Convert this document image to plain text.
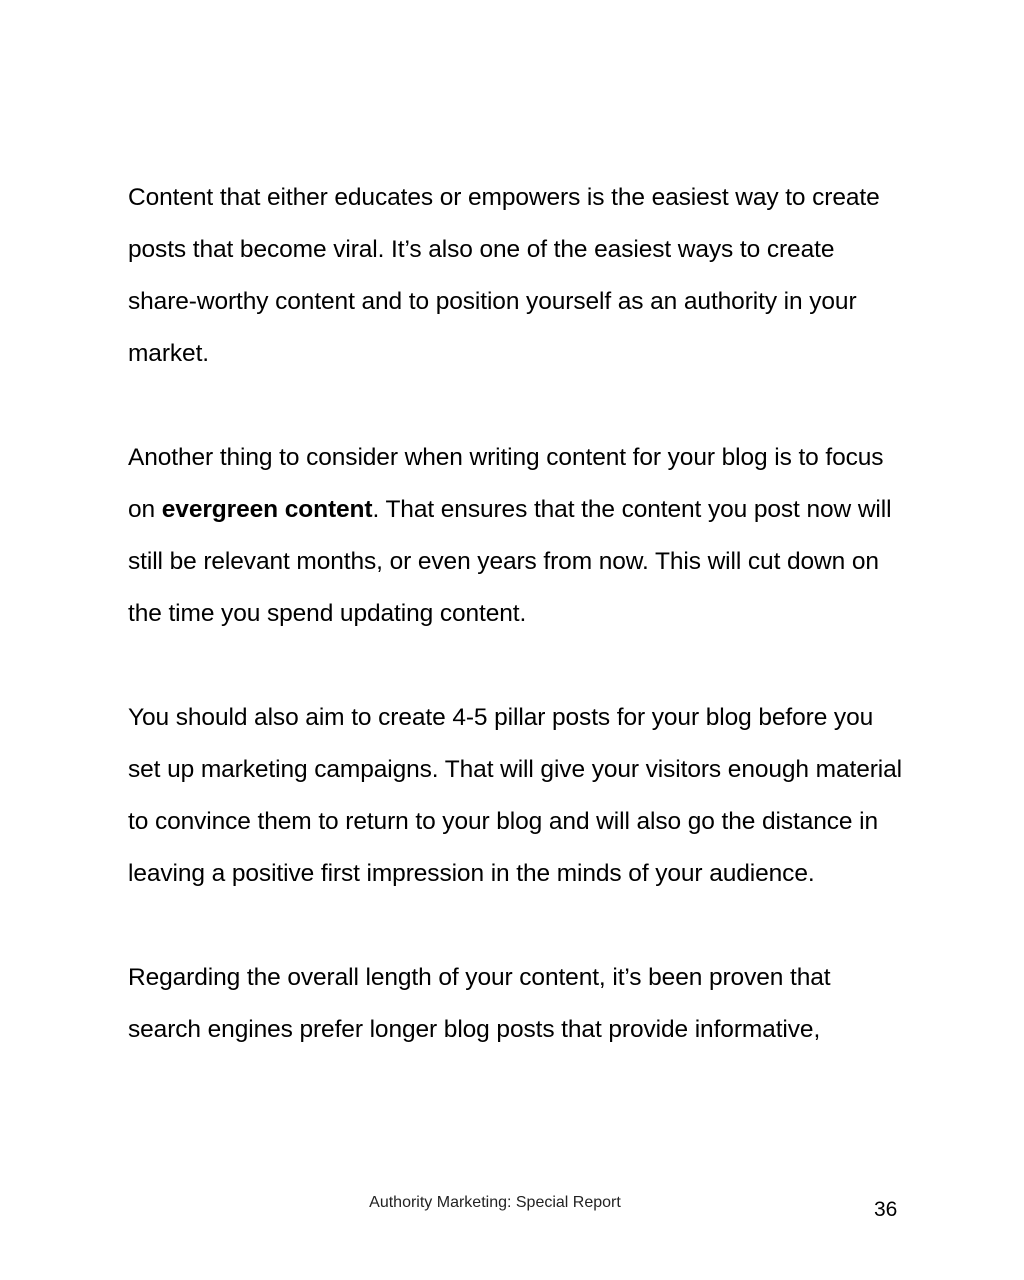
Content that either educates or empowers is the easiest way to create posts that become viral. It’s also one of the easiest ways to create share-worthy content and to position yourself as an authority in your market.

Another thing to consider when writing content for your blog is to focus on evergreen content. That ensures that the content you post now will still be relevant months, or even years from now. This will cut down on the time you spend updating content.

You should also aim to create 4-5 pillar posts for your blog before you set up marketing campaigns. That will give your visitors enough material to convince them to return to your blog and will also go the distance in leaving a positive first impression in the minds of your audience.

Regarding the overall length of your content, it’s been proven that search engines prefer longer blog posts that provide informative,

Authority Marketing: Special Report	36
